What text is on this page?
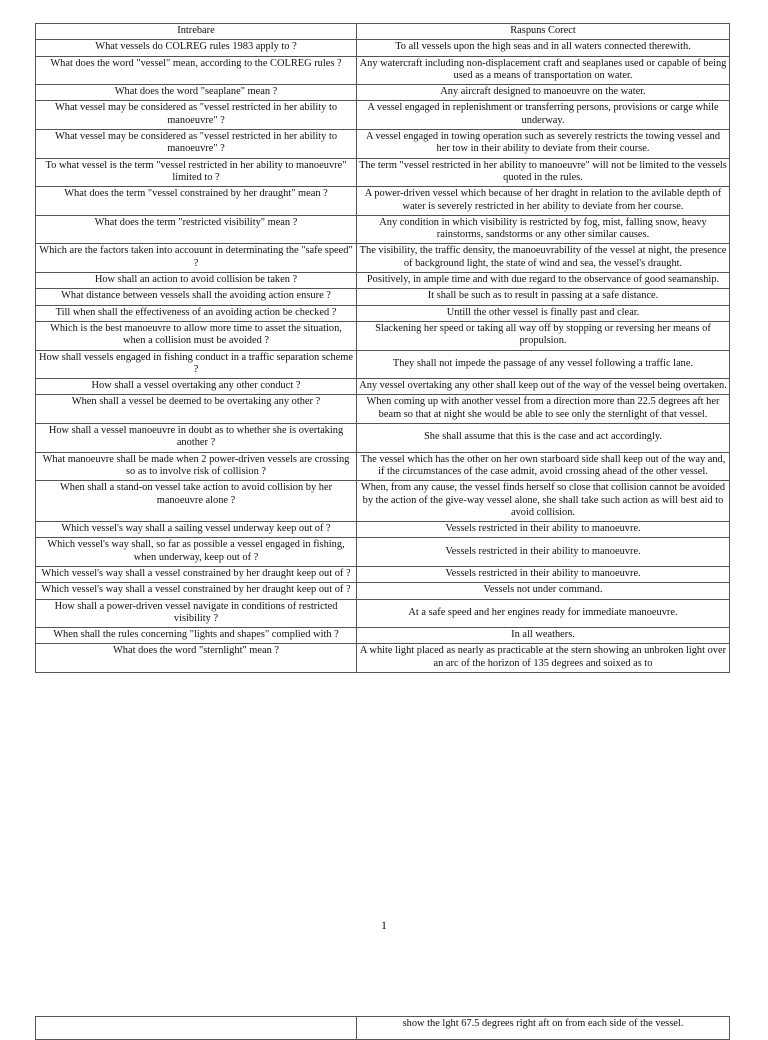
Intrebare	Raspuns Corect
What vessels do COLREG rules 1983 apply to ?	To all vessels upon the high seas and in all waters connected therewith.
What does the word "vessel" mean, according to the COLREG rules ?	Any watercraft including non-displacement craft and seaplanes used or capable of being used as a means of transportation on water.
What does the word "seaplane" mean ?	Any aircraft designed to manoeuvre on the water.
What vessel may be considered as "vessel restricted in her ability to manoeuvre" ?	A vessel engaged in replenishment or transferring persons, provisions or carge while underway.
What vessel may be considered as "vessel restricted in her ability to manoeuvre" ?	A vessel engaged in towing operation such as severely restricts the towing vessel and her tow in their ability to deviate from their course.
To what vessel is the term "vessel restricted in her ability to manoeuvre" limited to ?	The term "vessel restricted in her ability to manoeuvre" will not be limited to the vessels quoted in the rules.
What does the term "vessel constrained by her draught" mean ?	A power-driven vessel which because of her draght in relation to the avilable depth of water is severely restricted in her ability to deviate from her course.
What does the term "restricted visibility" mean ?	Any condition in which visibility is restricted by fog, mist, falling snow, heavy rainstorms, sandstorms or any other similar causes.
Which are the factors taken into accouunt in determinating the "safe speed" ?	The visibility, the traffic density, the manoeuvrability of the vessel at night, the presence of background light, the state of wind and sea, the vessel's draught.
How shall an action to avoid collision be taken ?	Positively, in ample time and with due regard to the observance of good seamanship.
What distance between vessels shall the avoiding action ensure ?	It shall be such as to result in passing at a safe distance.
Till when shall the effectiveness of an avoiding action be checked ?	Untill the other vessel is finally past and clear.
Which is the best manoeuvre to allow more time to asset the situation, when a collision must be avoided ?	Slackening her speed or taking all way off by stopping or reversing her means of propulsion.
How shall vessels engaged in fishing conduct in a traffic separation scheme ?	They shall not impede the passage of any vessel following a traffic lane.
How shall a vessel overtaking any other conduct ?	Any vessel overtaking any other shall keep out of the way of the vessel being overtaken.
When shall a vessel be deemed to be overtaking any other ?	When coming up with another vessel from a direction more than 22.5 degrees aft her beam so that at night she would be able to see only the sternlight of that vessel.
How shall a vessel manoeuvre in doubt as to whether she is overtaking another ?	She shall assume that this is the case and act accordingly.
What manoeuvre shall be made when 2 power-driven vessels are crossing so as to involve risk of collision ?	The vessel which has the other on her own starboard side shall keep out of the way and, if the circumstances of the case admit, avoid crossing ahead of the other vessel.
When shall a stand-on vessel take action to avoid collision by her manoeuvre alone ?	When, from any cause, the vessel finds herself so close that collision cannot be avoided by the action of the give-way vessel alone, she shall take such action as will best aid to avoid collision.
Which vessel's way shall a sailing vessel underway keep out of ?	Vessels restricted in their ability to manoeuvre.
Which vessel's way shall, so far as possible a vessel engaged in fishing, when underway, keep out of ?	Vessels restricted in their ability to manoeuvre.
Which vessel's way shall a vessel constrained by her draught keep out of ?	Vessels restricted in their ability to manoeuvre.
Which vessel's way shall a vessel constrained by her draught keep out of ?	Vessels not under command.
How shall a power-driven vessel navigate in conditions of restricted visibility ?	At a safe speed and her engines ready for immediate manoeuvre.
When shall the rules concerning "lights and shapes" complied with ?	In all weathers.
What does the word "sternlight" mean ?	A white light placed as nearly as practicable at the stern showing an unbroken light over an arc of the horizon of 135 degrees and soixed as to
1
	show the lght 67.5 degrees right aft on from each side of the vessel.
